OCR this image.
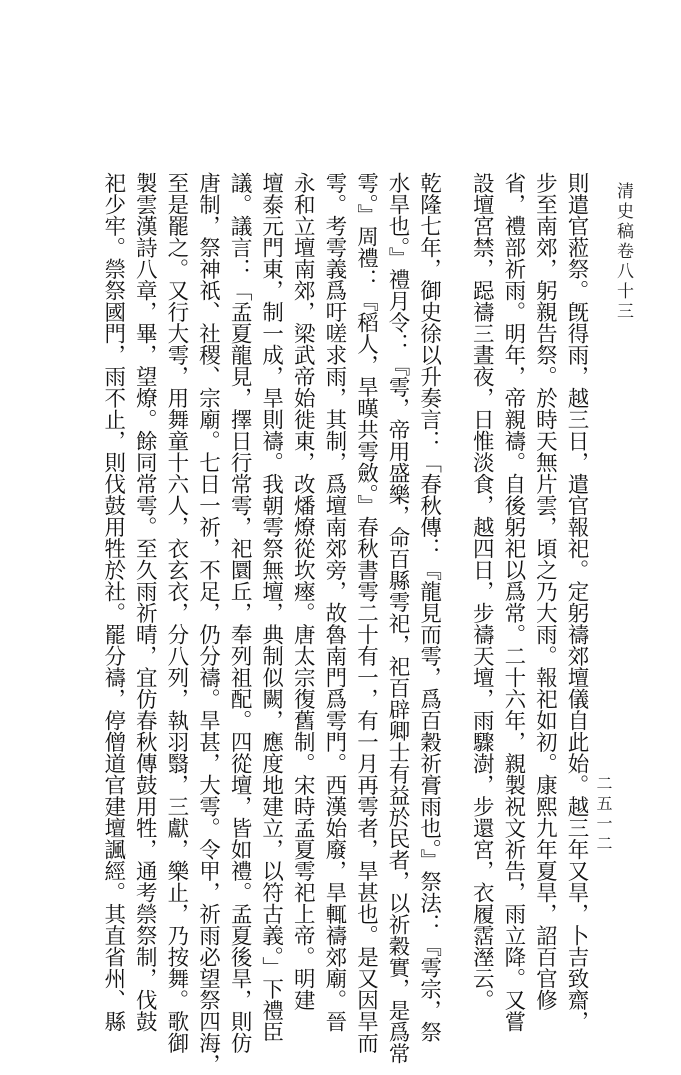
清史稿卷八十三
二五一二
則遣官蒞祭。旣得雨，越三日，遣官報祀。定躬禱郊壇儀自此始。越三年又旱，卜吉致齋，
步至南郊，躬親告祭。於時天無片雲，頃之乃大雨。報祀如初。康熙九年夏旱，詔百官修
省，禮部祈雨。明年，帝親禱。自後躬祀以爲常。二十六年，親製祝文祈告，雨立降。又嘗
設壇宮禁，跽禱三晝夜，日惟淡食，越四日，步禱天壇，雨驟澍，步還宮，衣履霑溼云。
乾隆七年，御史徐以升奏言：「春秋傳：『龍見而雩，爲百穀祈膏雨也。』祭法：『雩宗，祭
水旱也。』禮月令：『雩，帝用盛樂，命百縣雩祀，祀百辟卿士有益於民者，以祈穀實，是爲常
雩。』周禮：『稻人，旱暵共雩斂。』春秋書雩二十有一，有一月再雩者，旱甚也。是又因旱而
雩。考雩義爲吁嗟求雨，其制，爲壇南郊旁，故魯南門爲雩門。西漢始廢，旱輒禱郊廟。晉
永和立壇南郊，梁武帝始徙東，改燔燎從坎瘞。唐太宗復舊制。宋時孟夏雩祀上帝。明建
壇泰元門東，制一成，旱則禱。我朝雩祭無壇，典制似闕，應度地建立，以符古義。」下禮臣
議。議言：「孟夏龍見，擇日行常雩，祀圜丘，奉列祖配。四從壇，皆如禮。孟夏後旱，則仿
唐制，祭神祇、社稷、宗廟。七日一祈，不足，仍分禱。旱甚，大雩。令甲，祈雨必望祭四海，
至是罷之。又行大雩，用舞童十六人，衣玄衣，分八列，執羽翳，三獻，樂止，乃按舞。歌御
製雲漢詩八章，畢，望燎。餘同常雩。至久雨祈晴，宜仿春秋傳鼓用牲，通考禜祭制，伐鼓
祀少牢。禜祭國門，雨不止，則伐鼓用牲於社。罷分禱，停僧道官建壇諷經。其直省州、縣
